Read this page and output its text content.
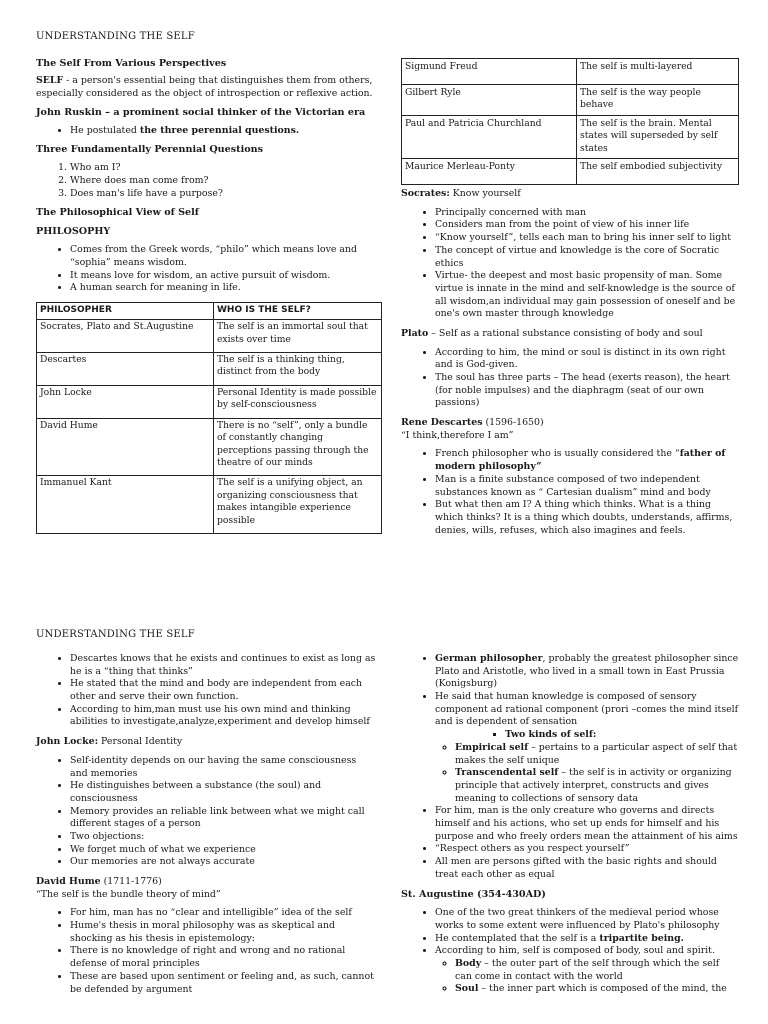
UNDERSTANDING THE SELF
The Self From Various Perspectives

SELF - a person's essential being that distinguishes them from others, especially considered as the object of introspection or reflexive action.

John Ruskin – a prominent social thinker of the Victorian era
• He postulated the three perennial questions.
Three Fundamentally Perennial Questions
1. Who am I?
2. Where does man come from?
3. Does man's life have a purpose?
The Philosophical View of Self
PHILOSOPHY
• Comes from the Greek words, “philo” which means love and “sophia” means wisdom.
• It means love for wisdom, an active pursuit of wisdom.
• A human search for meaning in life.
PHILOSOPHER	WHO IS THE SELF?
Socrates, Plato and St.Augustine	The self is an immortal soul that exists over time
Descartes	The self is a thinking thing, distinct from the body
John Locke	Personal Identity is made possible by self-consciousness
David Hume	There is no “self”, only a bundle of constantly changing perceptions passing through the theatre of our minds
Immanuel Kant	The self is a unifying object, an organizing consciousness that makes intangible experience possible
Sigmund Freud	The self is multi-layered
Gilbert Ryle	The self is the way people behave
Paul and Patricia Churchland	The self is the brain. Mental states will superseded by self states
Maurice Merleau-Ponty	The self embodied subjectivity

Socrates: Know yourself

• Principally concerned with man
• Considers man from the point of view of his inner life
• “Know yourself”, tells each man to bring his inner self to light
• The concept of virtue and knowledge is the core of Socratic ethics
• Virtue- the deepest and most basic propensity of man. Some virtue is innate in the mind and self-knowledge is the source of all wisdom,an individual may gain possession of oneself and be one's own master through knowledge

Plato – Self as a rational substance consisting of body and soul

• According to him, the mind or soul is distinct in its own right and is God-given.
• The soul has three parts – The head (exerts reason), the heart (for noble impulses) and the diaphragm (seat of our own passions)

Rene Descartes (1596-1650)

“I think,therefore I am”

• French philosopher who is usually considered the “father of modern philosophy”
• Man is a finite substance composed of two independent substances known as “ Cartesian dualism” mind and body
• But what then am I? A thing which thinks. What is a thing which thinks? It is a thing which doubts, understands, affirms, denies, wills, refuses, which also imagines and feels.
UNDERSTANDING THE SELF
• Descartes knows that he exists and continues to exist as long as he is a “thing that thinks”
• He stated that the mind and body are independent from each other and serve their own function.
• According to him,man must use his own mind and thinking abilities to investigate,analyze,experiment and develop himself

John Locke: Personal Identity

• Self-identity depends on our having the same consciousness and memories
• He distinguishes between a substance (the soul) and consciousness
• Memory provides an reliable link between what we might call different stages of a person
• Two objections:
• We forget much of what we experience
• Our memories are not always accurate

David Hume (1711-1776)

“The self is the bundle theory of mind”

• For him, man has no “clear and intelligible” idea of the self
• Hume's thesis in moral philosophy was as skeptical and shocking as his thesis in epistemology:
• There is no knowledge of right and wrong and no rational defense of moral principles
• These are based upon sentiment or feeling and, as such, cannot be defended by argument
• German philosopher, probably the greatest philosopher since Plato and Aristotle, who lived in a small town in East Prussia (Konigsburg)
• He said that human knowledge is composed of sensory component ad rational component (prori –comes the mind itself and is dependent of sensation
▪ Two kinds of self:
◦ Empirical self – pertains to a particular aspect of self that makes the self unique
◦ Transcendental self – the self is in activity or organizing principle that actively interpret, constructs and gives meaning to collections of sensory data
• For him, man is the only creature who governs and directs himself and his actions, who set up ends for himself and his purpose and who freely orders mean the attainment of his aims
• “Respect others as you respect yourself”
• All men are persons gifted with the basic rights and should treat each other as equal
St. Augustine (354-430AD)
• One of the two great thinkers of the medieval period whose works to some extent were influenced by Plato's philosophy
• He contemplated that the self is a tripartite being.
• According to him, self is composed of body, soul and spirit.
◦ Body – the outer part of the self through which the self can come in contact with the world
◦ Soul – the inner part which is composed of the mind, the
